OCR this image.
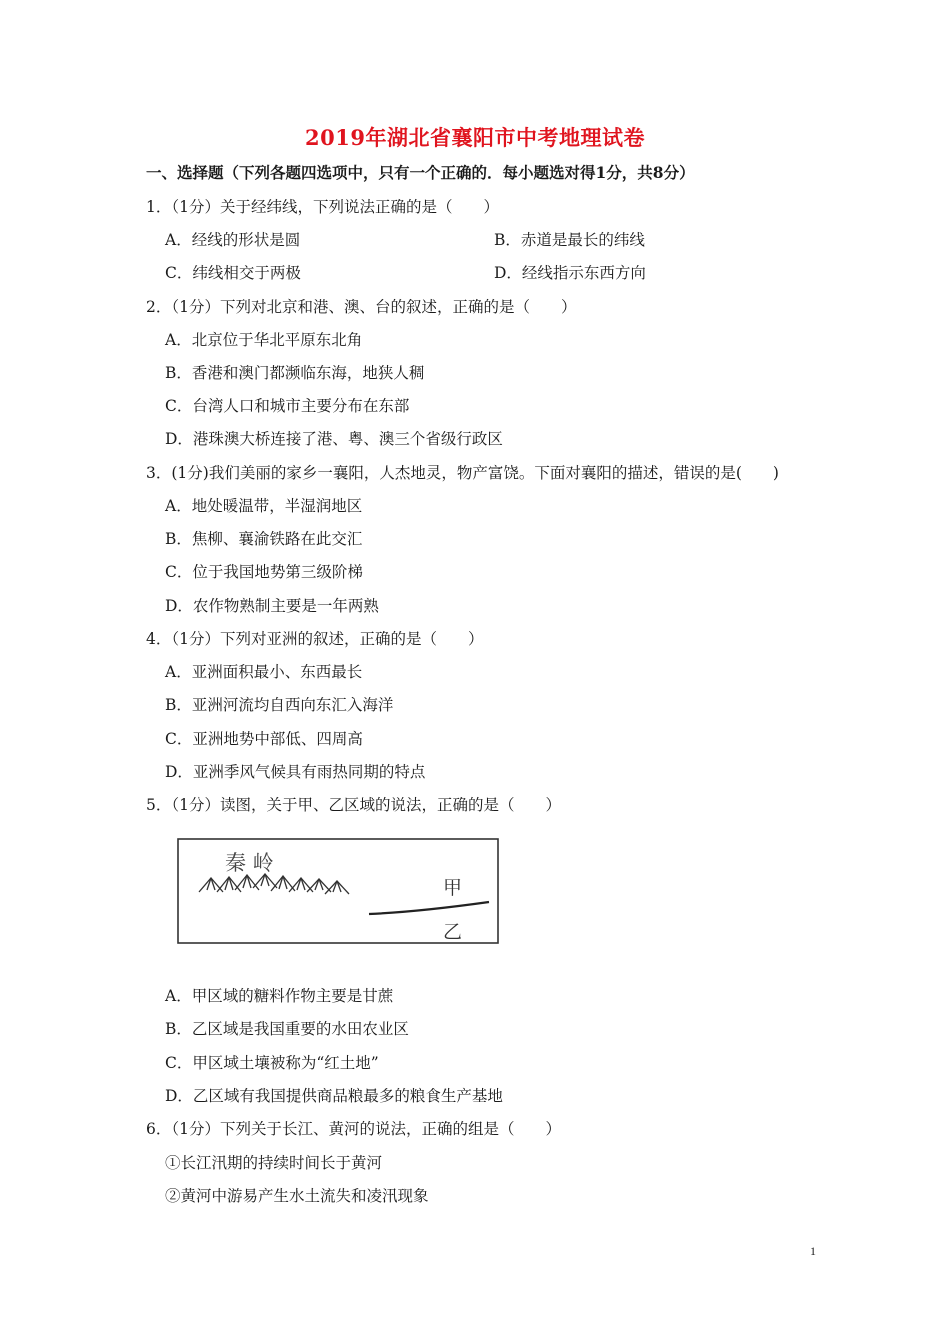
2019年湖北省襄阳市中考地理试卷
一、选择题（下列各题四选项中，只有一个正确的．每小题选对得1分，共8分）
1．（1分）关于经纬线，下列说法正确的是（　　）
A．经线的形状是圆	B．赤道是最长的纬线
C．纬线相交于两极	D．经线指示东西方向
2．（1分）下列对北京和港、澳、台的叙述，正确的是（　　）
A．北京位于华北平原东北角
B．香港和澳门都濒临东海，地狭人稠
C．台湾人口和城市主要分布在东部
D．港珠澳大桥连接了港、粤、澳三个省级行政区
3．(1分)我们美丽的家乡一襄阳，人杰地灵，物产富饶。下面对襄阳的描述，错误的是(　　)
A．地处暖温带，半湿润地区
B．焦柳、襄渝铁路在此交汇
C．位于我国地势第三级阶梯
D．农作物熟制主要是一年两熟
4．（1分）下列对亚洲的叙述，正确的是（　　）
A．亚洲面积最小、东西最长
B．亚洲河流均自西向东汇入海洋
C．亚洲地势中部低、四周高
D．亚洲季风气候具有雨热同期的特点
5．（1分）读图，关于甲、乙区域的说法，正确的是（　　）
秦 岭
甲
乙
A．甲区域的糖料作物主要是甘蔗
B．乙区域是我国重要的水田农业区
C．甲区域土壤被称为“红土地”
D．乙区域有我国提供商品粮最多的粮食生产基地
6．（1分）下列关于长江、黄河的说法，正确的组是（　　）
①长江汛期的持续时间长于黄河
②黄河中游易产生水土流失和凌汛现象
1
